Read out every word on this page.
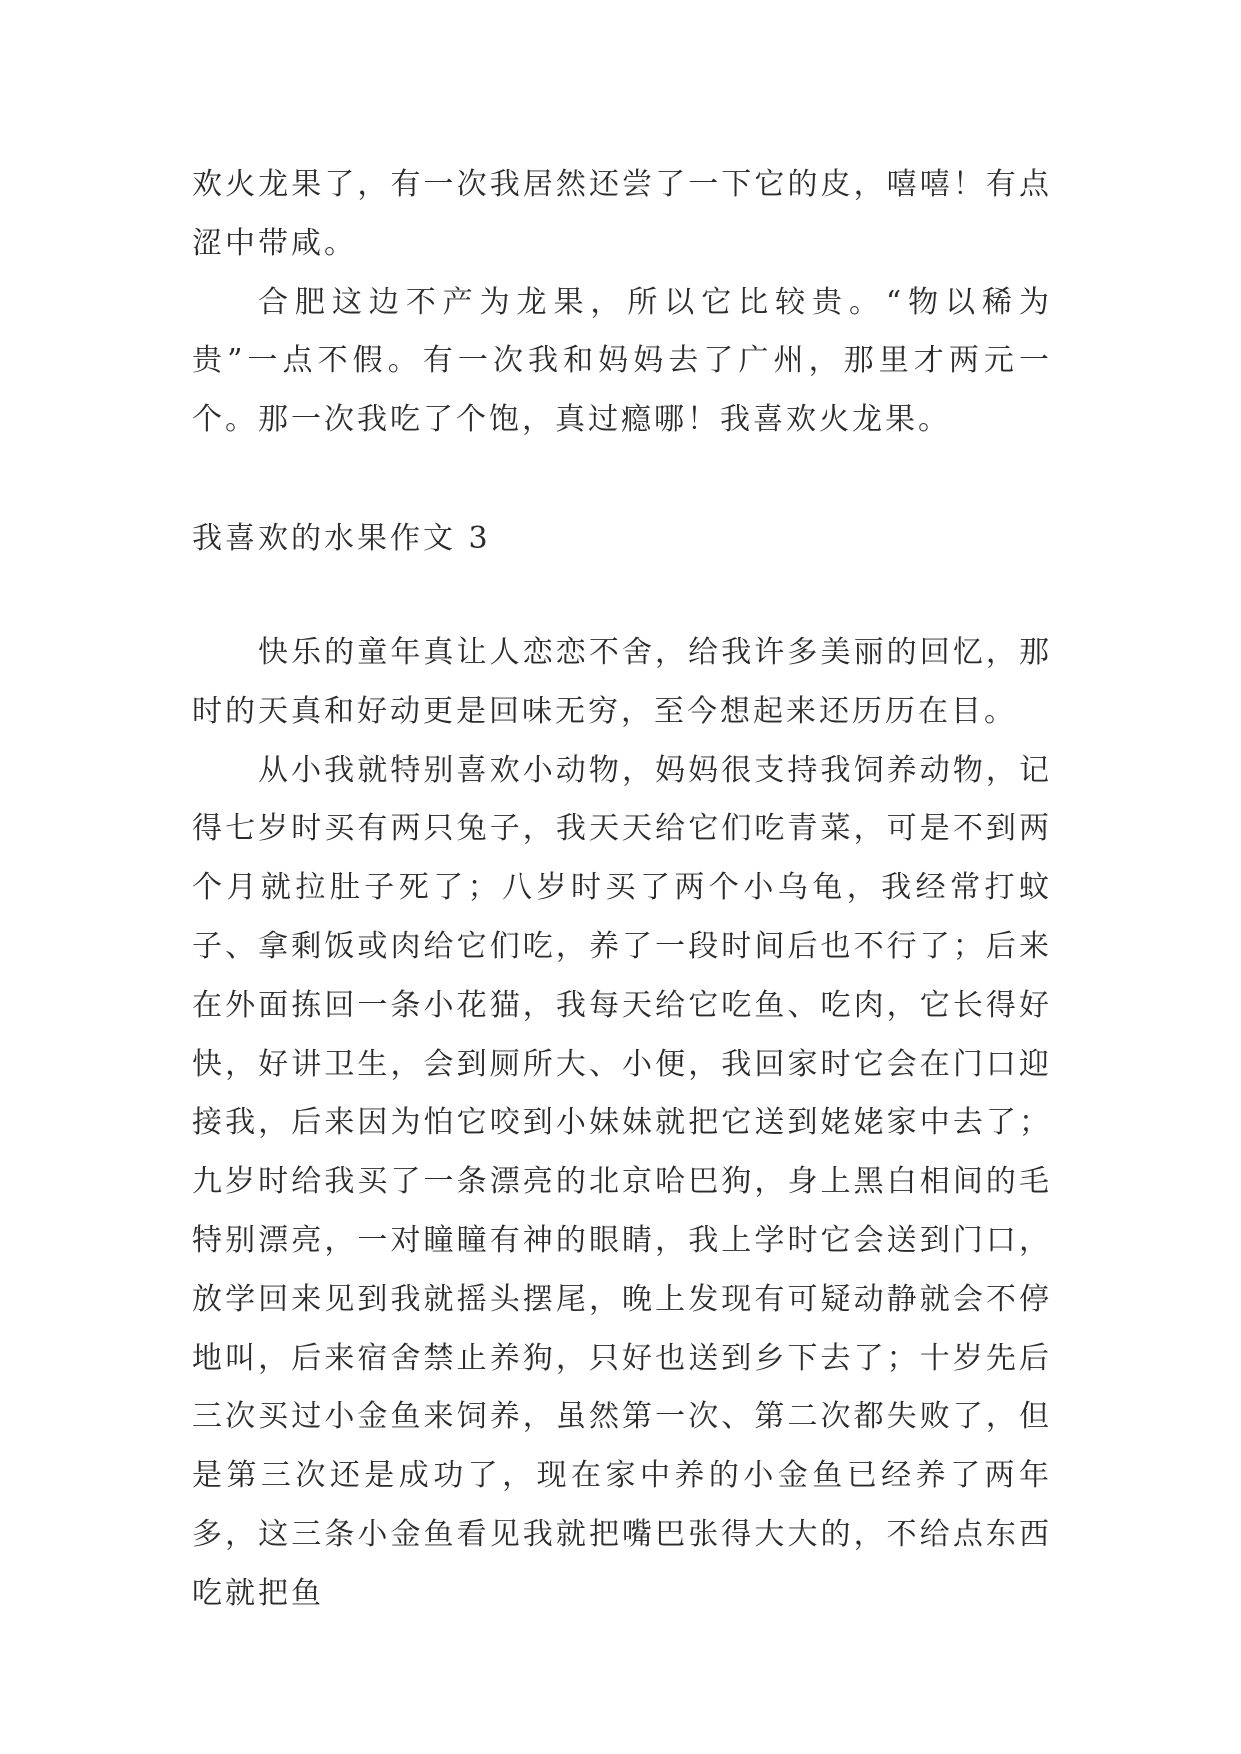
欢火龙果了，有一次我居然还尝了一下它的皮，嘻嘻！有点涩中带咸。

合肥这边不产为龙果，所以它比较贵。“物以稀为贵”一点不假。有一次我和妈妈去了广州，那里才两元一个。那一次我吃了个饱，真过瘾哪！我喜欢火龙果。

我喜欢的水果作文 3

快乐的童年真让人恋恋不舍，给我许多美丽的回忆，那时的天真和好动更是回味无穷，至今想起来还历历在目。

从小我就特别喜欢小动物，妈妈很支持我饲养动物，记得七岁时买有两只兔子，我天天给它们吃青菜，可是不到两个月就拉肚子死了；八岁时买了两个小乌龟，我经常打蚊子、拿剩饭或肉给它们吃，养了一段时间后也不行了；后来在外面拣回一条小花猫，我每天给它吃鱼、吃肉，它长得好快，好讲卫生，会到厕所大、小便，我回家时它会在门口迎接我，后来因为怕它咬到小妹妹就把它送到姥姥家中去了；九岁时给我买了一条漂亮的北京哈巴狗，身上黑白相间的毛特别漂亮，一对瞳瞳有神的眼睛，我上学时它会送到门口，放学回来见到我就摇头摆尾，晚上发现有可疑动静就会不停地叫，后来宿舍禁止养狗，只好也送到乡下去了；十岁先后三次买过小金鱼来饲养，虽然第一次、第二次都失败了，但是第三次还是成功了，现在家中养的小金鱼已经养了两年多，这三条小金鱼看见我就把嘴巴张得大大的，不给点东西吃就把鱼
